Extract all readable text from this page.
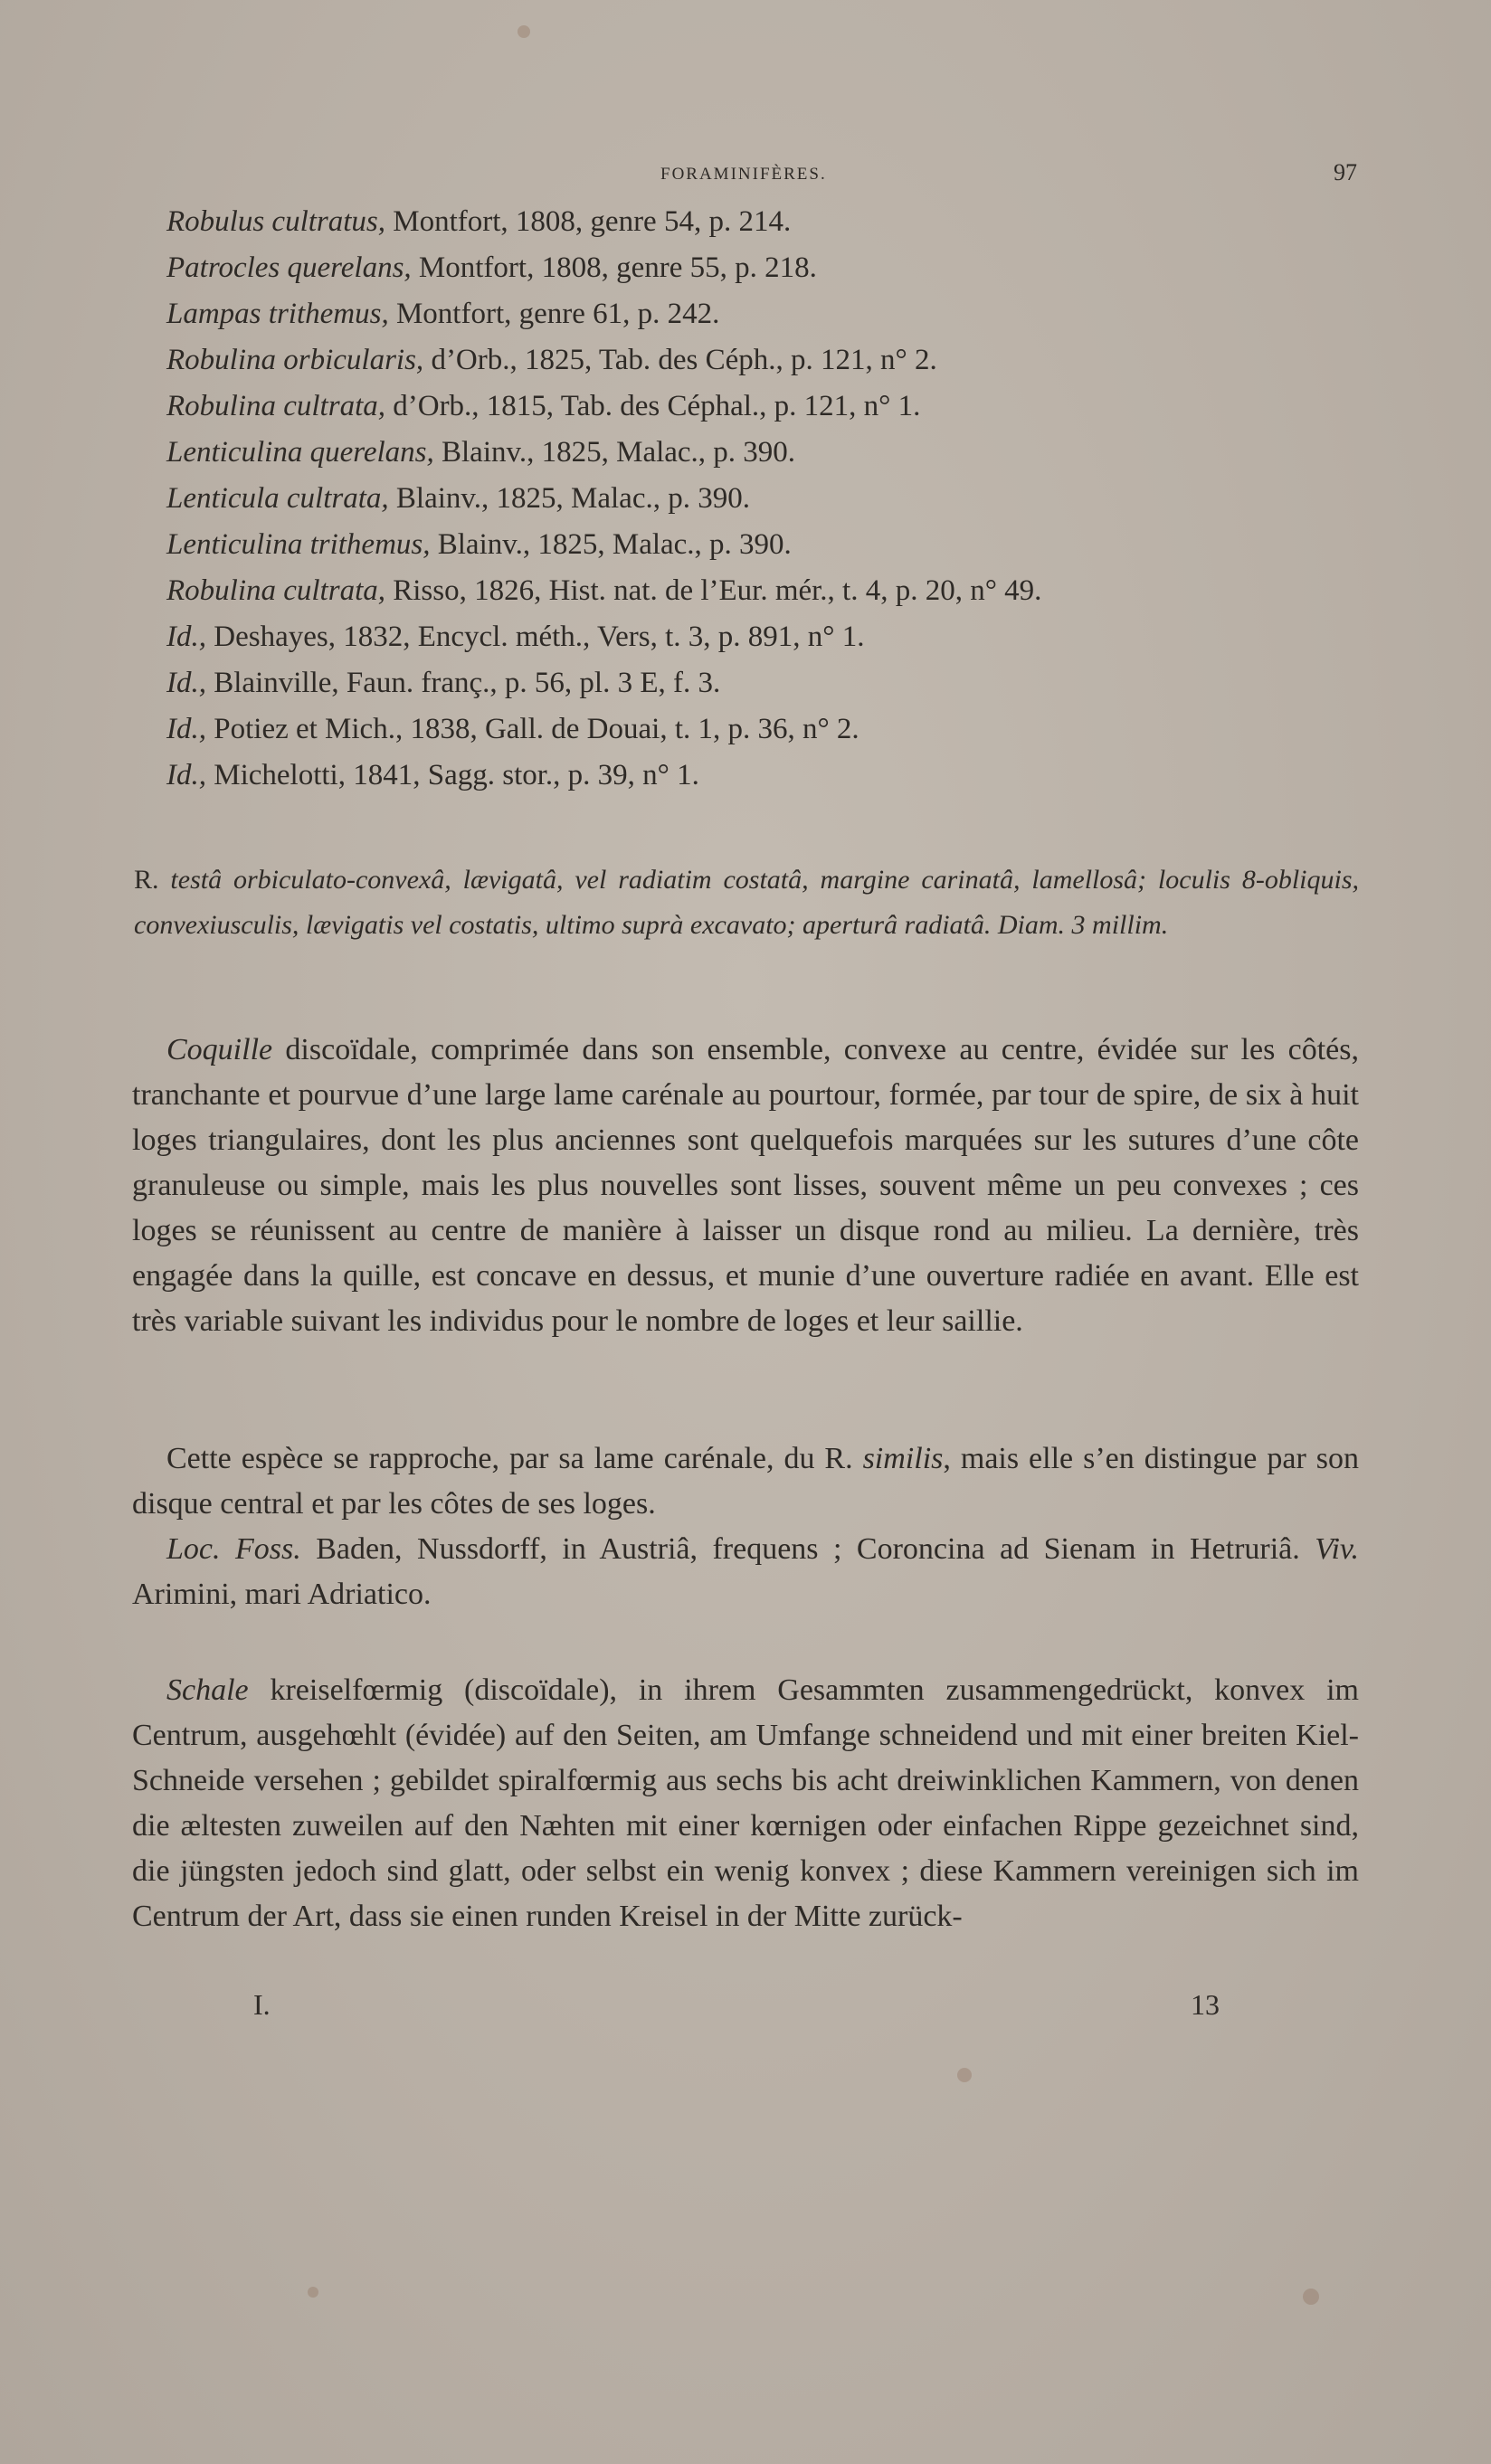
FORAMINIFÈRES.	97
Robulus cultratus, Montfort, 1808, genre 54, p. 214.
Patrocles querelans, Montfort, 1808, genre 55, p. 218.
Lampas trithemus, Montfort, genre 61, p. 242.
Robulina orbicularis, d’Orb., 1825, Tab. des Céph., p. 121, n° 2.
Robulina cultrata, d’Orb., 1815, Tab. des Céphal., p. 121, n° 1.
Lenticulina querelans, Blainv., 1825, Malac., p. 390.
Lenticula cultrata, Blainv., 1825, Malac., p. 390.
Lenticulina trithemus, Blainv., 1825, Malac., p. 390.
Robulina cultrata, Risso, 1826, Hist. nat. de l’Eur. mér., t. 4, p. 20, n° 49.
Id., Deshayes, 1832, Encycl. méth., Vers, t. 3, p. 891, n° 1.
Id., Blainville, Faun. franç., p. 56, pl. 3 E, f. 3.
Id., Potiez et Mich., 1838, Gall. de Douai, t. 1, p. 36, n° 2.
Id., Michelotti, 1841, Sagg. stor., p. 39, n° 1.
R. testâ orbiculato-convexâ, lævigatâ, vel radiatim costatâ, margine carinatâ, lamellosâ; loculis 8-obliquis, convexiusculis, lævigatis vel costatis, ultimo suprà excavato; aperturâ radiatâ. Diam. 3 millim.

Coquille discoïdale, comprimée dans son ensemble, convexe au centre, évidée sur les côtés, tranchante et pourvue d’une large lame carénale au pourtour, formée, par tour de spire, de six à huit loges triangulaires, dont les plus anciennes sont quelquefois marquées sur les sutures d’une côte granuleuse ou simple, mais les plus nouvelles sont lisses, souvent même un peu convexes ; ces loges se réunissent au centre de manière à laisser un disque rond au milieu. La dernière, très engagée dans la quille, est concave en dessus, et munie d’une ouverture radiée en avant. Elle est très variable suivant les individus pour le nombre de loges et leur saillie.

Cette espèce se rapproche, par sa lame carénale, du R. similis, mais elle s’en distingue par son disque central et par les côtes de ses loges.

Loc. Foss. Baden, Nussdorff, in Austriâ, frequens ; Coroncina ad Sienam in Hetruriâ. Viv. Arimini, mari Adriatico.

Schale kreiselfœrmig (discoïdale), in ihrem Gesammten zusammengedrückt, konvex im Centrum, ausgehœhlt (évidée) auf den Seiten, am Umfange schneidend und mit einer breiten Kiel-Schneide versehen ; gebildet spiralfœrmig aus sechs bis acht dreiwinklichen Kammern, von denen die æltesten zuweilen auf den Næhten mit einer kœrnigen oder einfachen Rippe gezeichnet sind, die jüngsten jedoch sind glatt, oder selbst ein wenig konvex ; diese Kammern vereinigen sich im Centrum der Art, dass sie einen runden Kreisel in der Mitte zurück-

I.	13
